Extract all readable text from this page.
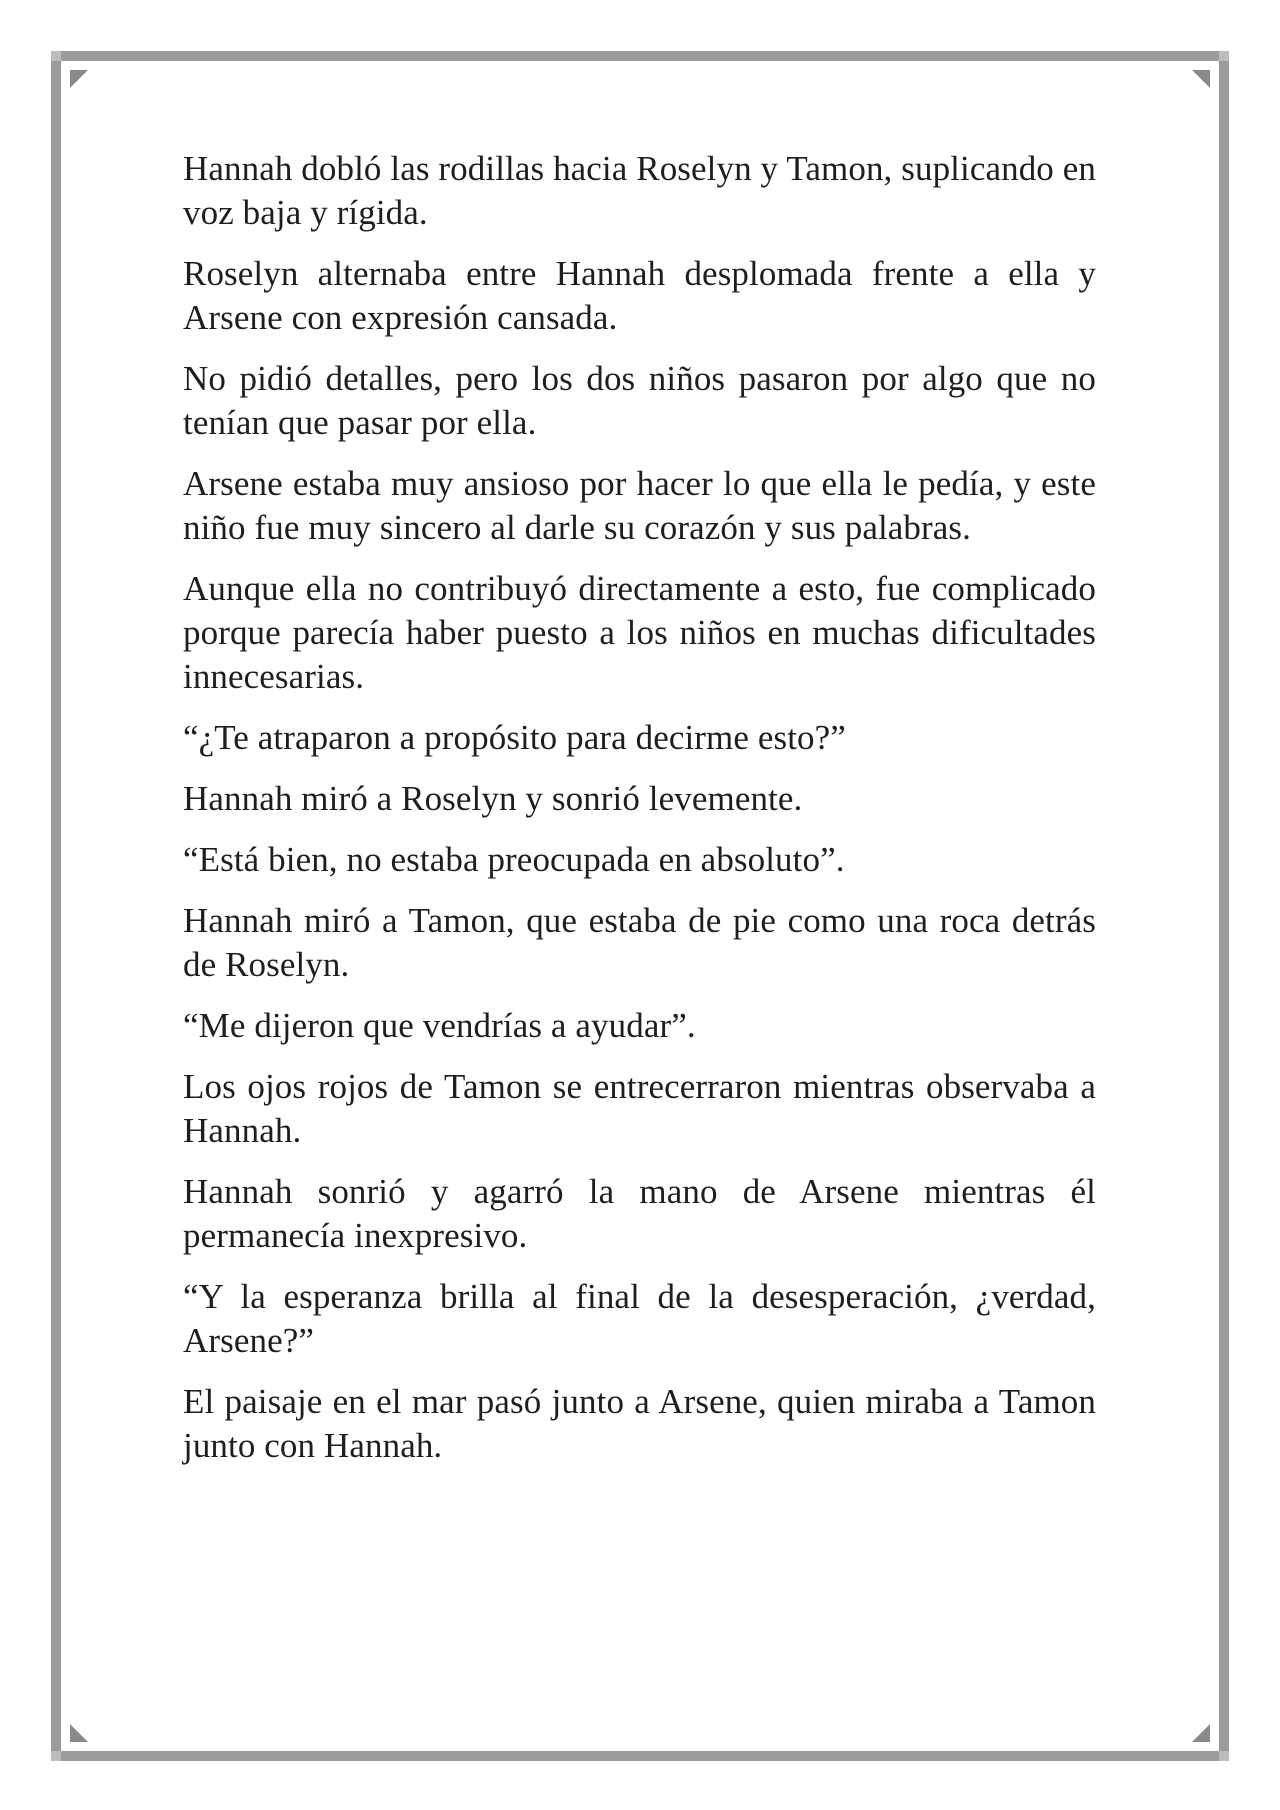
Hannah dobló las rodillas hacia Roselyn y Tamon, suplicando en voz baja y rígida.

Roselyn alternaba entre Hannah desplomada frente a ella y Arsene con expresión cansada.

No pidió detalles, pero los dos niños pasaron por algo que no tenían que pasar por ella.

Arsene estaba muy ansioso por hacer lo que ella le pedía, y este niño fue muy sincero al darle su corazón y sus palabras.

Aunque ella no contribuyó directamente a esto, fue complicado porque parecía haber puesto a los niños en muchas dificultades innecesarias.

“¿Te atraparon a propósito para decirme esto?”

Hannah miró a Roselyn y sonrió levemente.

“Está bien, no estaba preocupada en absoluto”.

Hannah miró a Tamon, que estaba de pie como una roca detrás de Roselyn.

“Me dijeron que vendrías a ayudar”.

Los ojos rojos de Tamon se entrecerraron mientras observaba a Hannah.

Hannah sonrió y agarró la mano de Arsene mientras él permanecía inexpresivo.

“Y la esperanza brilla al final de la desesperación, ¿verdad, Arsene?”

El paisaje en el mar pasó junto a Arsene, quien miraba a Tamon junto con Hannah.
